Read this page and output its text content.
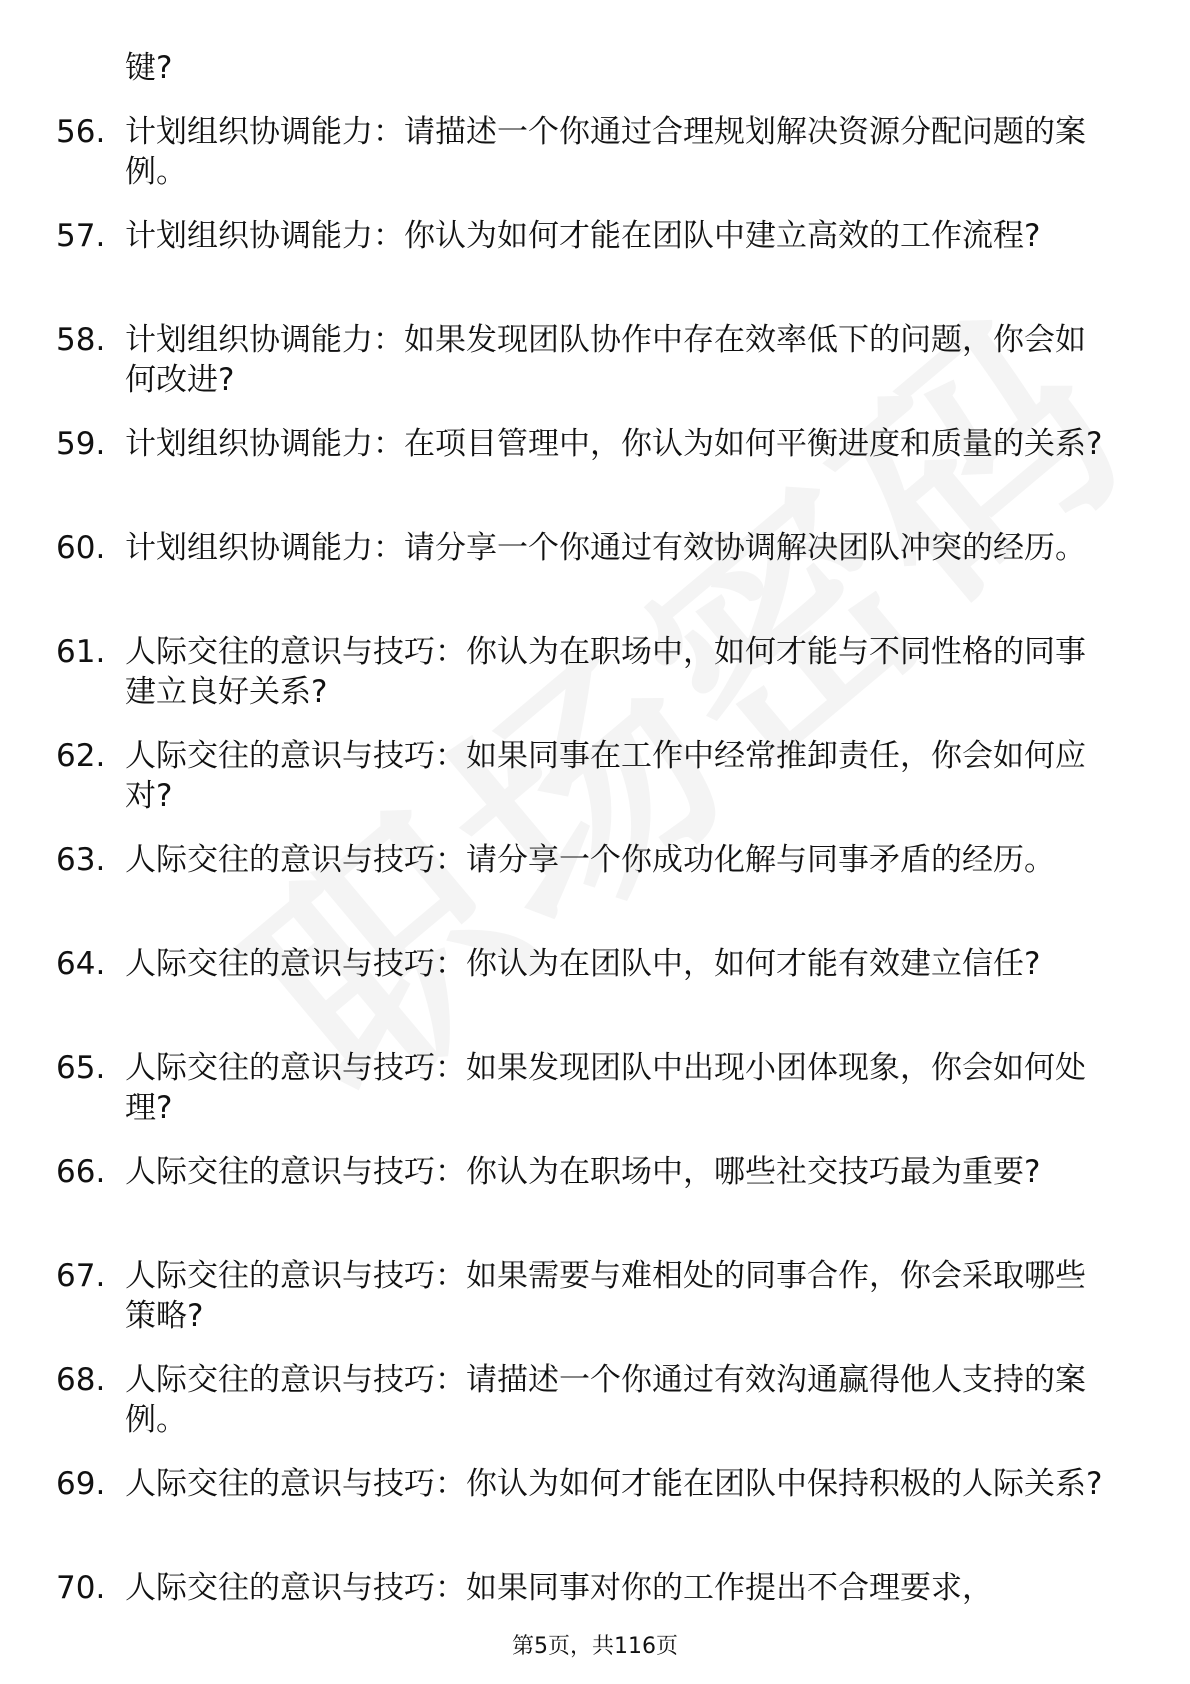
键?
56. 计划组织协调能力：请描述一个你通过合理规划解决资源分配问题的案例。
57. 计划组织协调能力：你认为如何才能在团队中建立高效的工作流程?
58. 计划组织协调能力：如果发现团队协作中存在效率低下的问题，你会如何改进?
59. 计划组织协调能力：在项目管理中，你认为如何平衡进度和质量的关系?
60. 计划组织协调能力：请分享一个你通过有效协调解决团队冲突的经历。
61. 人际交往的意识与技巧：你认为在职场中，如何才能与不同性格的同事建立良好关系?
62. 人际交往的意识与技巧：如果同事在工作中经常推卸责任，你会如何应对?
63. 人际交往的意识与技巧：请分享一个你成功化解与同事矛盾的经历。
64. 人际交往的意识与技巧：你认为在团队中，如何才能有效建立信任?
65. 人际交往的意识与技巧：如果发现团队中出现小团体现象，你会如何处理?
66. 人际交往的意识与技巧：你认为在职场中，哪些社交技巧最为重要?
67. 人际交往的意识与技巧：如果需要与难相处的同事合作，你会采取哪些策略?
68. 人际交往的意识与技巧：请描述一个你通过有效沟通赢得他人支持的案例。
69. 人际交往的意识与技巧：你认为如何才能在团队中保持积极的人际关系?
70. 人际交往的意识与技巧：如果同事对你的工作提出不合理要求，
第5页，共116页
